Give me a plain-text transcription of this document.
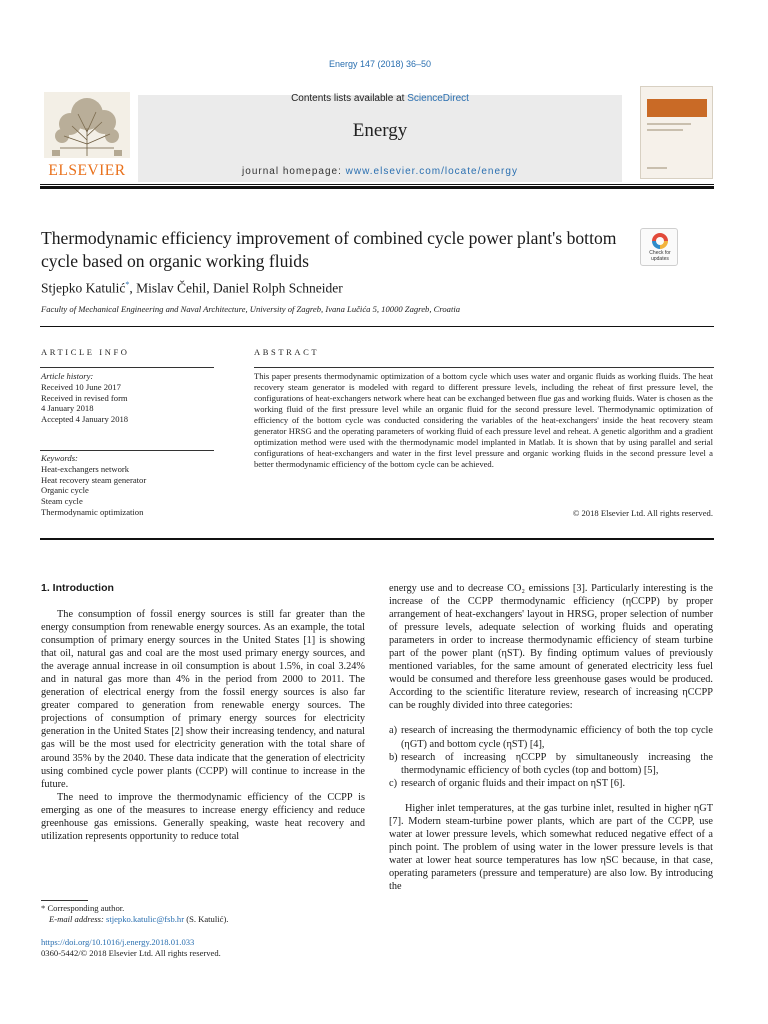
Energy 147 (2018) 36–50
ELSEVIER
Contents lists available at ScienceDirect
Energy
journal homepage: www.elsevier.com/locate/energy
Thermodynamic efficiency improvement of combined cycle power plant's bottom cycle based on organic working fluids	Check for updates
Stjepko Katulić*, Mislav Čehil, Daniel Rolph Schneider
Faculty of Mechanical Engineering and Naval Architecture, University of Zagreb, Ivana Lučića 5, 10000 Zagreb, Croatia
ARTICLE INFO
Article history:
Received 10 June 2017
Received in revised form
4 January 2018
Accepted 4 January 2018
Keywords:
Heat-exchangers network
Heat recovery steam generator
Organic cycle
Steam cycle
Thermodynamic optimization
ABSTRACT
This paper presents thermodynamic optimization of a bottom cycle which uses water and organic fluids as working fluids. The heat recovery steam generator is modeled with regard to different pressure levels, including the reheat of first pressure level, the configurations of heat-exchangers network where heat can be exchanged between flue gas and working fluids. Water is chosen as the working fluid of the first pressure level while an organic fluid for the second pressure level. Thermodynamic optimization of efficiency of the bottom cycle was conducted considering the variables of the heat-exchangers' inside the heat recovery steam generator HRSG and the operating parameters of working fluid of each pressure level and reheat. A genetic algorithm and a gradient optimization method were used with the thermodynamic model implanted in Matlab. It is shown that by using parallel and serial configurations of heat-exchangers and water in the first level pressure and organic working fluids in the second pressure level a better thermodynamic efficiency of the bottom cycle can be achieved.
© 2018 Elsevier Ltd. All rights reserved.
1. Introduction

The consumption of fossil energy sources is still far greater than the energy consumption from renewable energy sources. As an example, the total consumption of primary energy sources in the United States [1] is showing that oil, natural gas and coal are the most used primary energy sources, and the average annual increase in oil consumption is about 1.5%, in coal 3.24% and in natural gas more than 4% in the period from 2000 to 2011. The generation of electrical energy from the fossil energy sources is also far greater compared to generation from renewable energy sources. The projections of consumption of primary energy sources for electricity generation in the United States [2] show their increasing tendency, and natural gas will be the most used for electricity generation with the total share of around 35% by the 2040. These data indicate that the generation of electricity using combined cycle power plants (CCPP) will continue to increase in the future.

The need to improve the thermodynamic efficiency of the CCPP is emerging as one of the measures to increase energy efficiency and reduce greenhouse gas emissions. Generally speaking, waste heat recovery and utilization represents opportunity to reduce total

energy use and to decrease CO₂ emissions [3]. Particularly interesting is the increase of the CCPP thermodynamic efficiency (ηCCPP) by proper arrangement of heat-exchangers' layout in HRSG, proper selection of number of pressure levels, adequate selection of working fluids and operating parameters in order to increase thermodynamic efficiency of steam turbine part of the power plant (ηST). By finding optimum values of previously mentioned variables, for the same amount of generated electricity less fuel would be consumed and therefore less greenhouse gases would be produced. According to the scientific literature review, research of increasing ηCCPP can be roughly divided into three categories:

a) research of increasing the thermodynamic efficiency of both the top cycle (ηGT) and bottom cycle (ηST) [4],
b) research of increasing ηCCPP by simultaneously increasing the thermodynamic efficiency of both cycles (top and bottom) [5],
c) research of organic fluids and their impact on ηST [6].

Higher inlet temperatures, at the gas turbine inlet, resulted in higher ηGT [7]. Modern steam-turbine power plants, which are part of the CCPP, use water at lower pressure levels, which somewhat reduced negative effect of a pinch point. The problem of using water in the lower pressure levels is that water at lower heat source temperatures has low ηSC because, in that case, operating parameters (pressure and temperature) are also low. By introducing the

* Corresponding author.
E-mail address: stjepko.katulic@fsb.hr (S. Katulić).
https://doi.org/10.1016/j.energy.2018.01.033
0360-5442/© 2018 Elsevier Ltd. All rights reserved.
